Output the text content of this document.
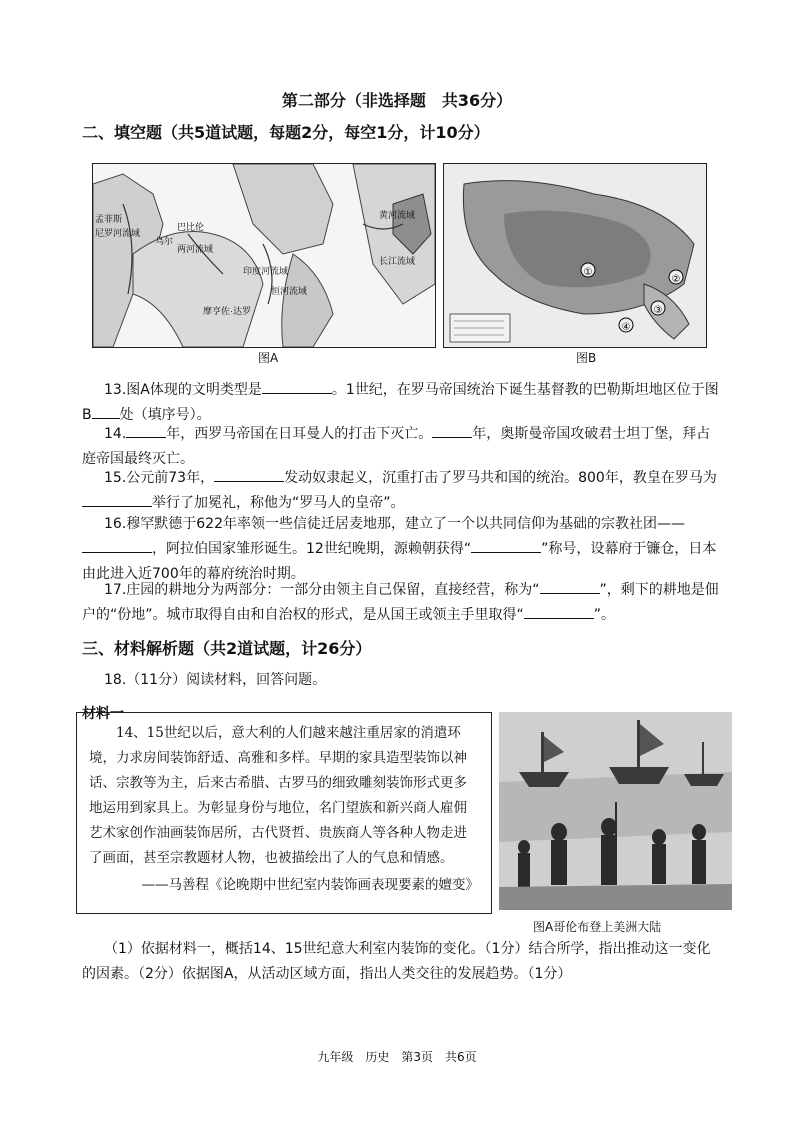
第二部分（非选择题　共36分）
二、填空题（共5道试题，每题2分，每空1分，计10分）
孟菲斯
尼罗河流域
乌尔
巴比伦
两河流域
印度河流域
摩亨佐·达罗
恒河流域
黄河流域
长江流域
图A
①
②
③
④
图B
13.图A体现的文明类型是	。1世纪，在罗马帝国统治下诞生基督教的巴勒斯坦地区位于图B 处（填序号）。
14.	年，西罗马帝国在日耳曼人的打击下灭亡。	年，奥斯曼帝国攻破君士坦丁堡，拜占庭帝国最终灭亡。
15.公元前73年，	发动奴隶起义，沉重打击了罗马共和国的统治。800年，教皇在罗马为举行了加冕礼，称他为“罗马人的皇帝”。
16.穆罕默德于622年率领一些信徒迁居麦地那，建立了一个以共同信仰为基础的宗教社团——，阿拉伯国家雏形诞生。12世纪晚期，源赖朝获得“	”称号，设幕府于镰仓，日本由此进入近700年的幕府统治时期。
17.庄园的耕地分为两部分：一部分由领主自己保留，直接经营，称为“	”，剩下的耕地是佃户的“份地”。城市取得自由和自治权的形式，是从国王或领主手里取得“	”。
三、材料解析题（共2道试题，计26分）
18.（11分）阅读材料，回答问题。
材料一
14、15世纪以后，意大利的人们越来越注重居家的消遣环境，力求房间装饰舒适、高雅和多样。早期的家具造型装饰以神话、宗教等为主，后来古希腊、古罗马的细致雕刻装饰形式更多地运用到家具上。为彰显身份与地位，名门望族和新兴商人雇佣艺术家创作油画装饰居所，古代贤哲、贵族商人等各种人物走进了画面，甚至宗教题材人物，也被描绘出了人的气息和情感。
——马善程《论晚期中世纪室内装饰画表现要素的嬗变》
图A哥伦布登上美洲大陆
（1）依据材料一，概括14、15世纪意大利室内装饰的变化。（1分）结合所学，指出推动这一变化的因素。（2分）依据图A，从活动区域方面，指出人类交往的发展趋势。（1分）
九年级　历史　第3页　共6页
